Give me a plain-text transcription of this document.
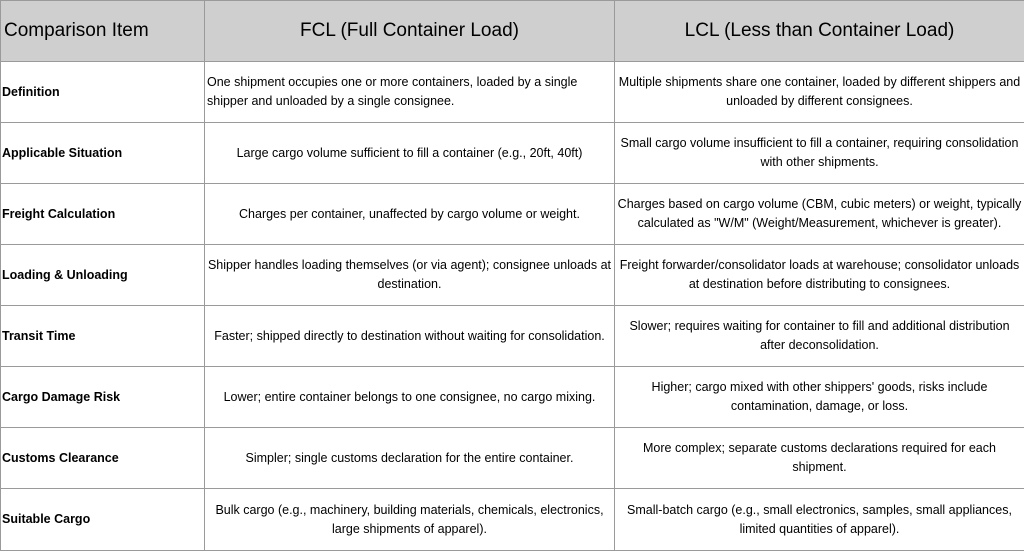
Comparison Item	FCL (Full Container Load)	LCL (Less than Container Load)
Definition	One shipment occupies one or more containers, loaded by a single shipper and unloaded by a single consignee.	Multiple shipments share one container, loaded by different shippers and unloaded by different consignees.
Applicable Situation	Large cargo volume sufficient to fill a container (e.g., 20ft, 40ft)	Small cargo volume insufficient to fill a container, requiring consolidation with other shipments.
Freight Calculation	Charges per container, unaffected by cargo volume or weight.	Charges based on cargo volume (CBM, cubic meters) or weight, typically calculated as "W/M" (Weight/Measurement, whichever is greater).
Loading & Unloading	Shipper handles loading themselves (or via agent); consignee unloads at destination.	Freight forwarder/consolidator loads at warehouse; consolidator unloads at destination before distributing to consignees.
Transit Time	Faster; shipped directly to destination without waiting for consolidation.	Slower; requires waiting for container to fill and additional distribution after deconsolidation.
Cargo Damage Risk	Lower; entire container belongs to one consignee, no cargo mixing.	Higher; cargo mixed with other shippers' goods, risks include contamination, damage, or loss.
Customs Clearance	Simpler; single customs declaration for the entire container.	More complex; separate customs declarations required for each shipment.
Suitable Cargo	Bulk cargo (e.g., machinery, building materials, chemicals, electronics, large shipments of apparel).	Small-batch cargo (e.g., small electronics, samples, small appliances, limited quantities of apparel).
